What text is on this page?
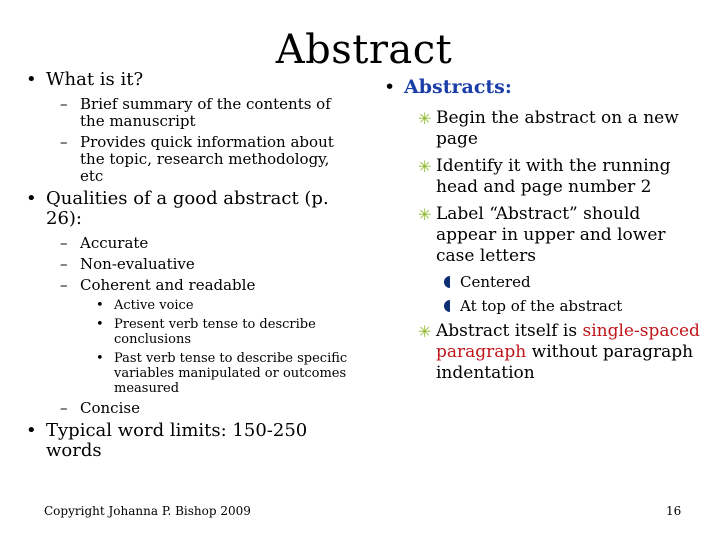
Abstract
• What is it?
– Brief summary of the contents of the manuscript
– Provides quick information about the topic, research methodology, etc
• Qualities of a good abstract (p. 26):
– Accurate
– Non-evaluative
– Coherent and readable
• Active voice
• Present verb tense to describe conclusions
• Past verb tense to describe specific variables manipulated or outcomes measured
– Concise
• Typical word limits: 150-250 words
• Abstracts:
✳ Begin the abstract on a new page
✳ Identify it with the running head and page number 2
✳ Label “Abstract” should appear in upper and lower case letters
Centered
At top of the abstract
✳ Abstract itself is single-spaced paragraph without paragraph indentation
Copyright Johanna P. Bishop 2009	16
